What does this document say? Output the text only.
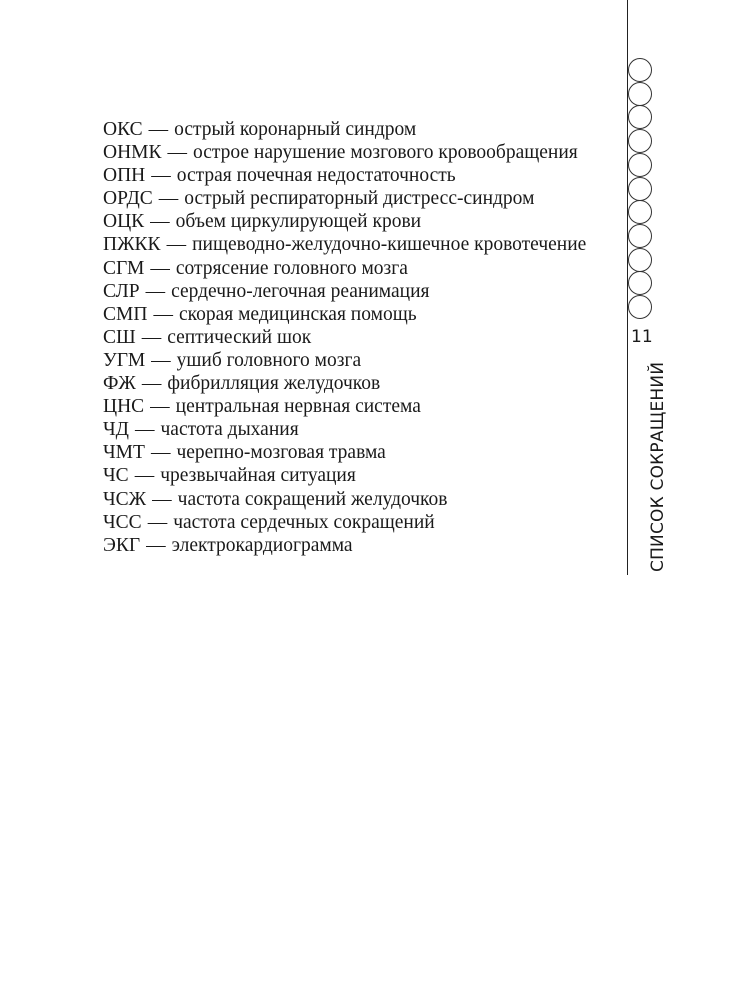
ОКС — острый коронарный синдром
ОНМК — острое нарушение мозгового кровообращения
ОПН — острая почечная недостаточность
ОРДС — острый респираторный дистресс-синдром
ОЦК — объем циркулирующей крови
ПЖКК — пищеводно-желудочно-кишечное кровотечение
СГМ — сотрясение головного мозга
СЛР — сердечно-легочная реанимация
СМП — скорая медицинская помощь
СШ — септический шок
УГМ — ушиб головного мозга
ФЖ — фибрилляция желудочков
ЦНС — центральная нервная система
ЧД — частота дыхания
ЧМТ — черепно-мозговая травма
ЧС — чрезвычайная ситуация
ЧСЖ — частота сокращений желудочков
ЧСС — частота сердечных сокращений
ЭКГ — электрокардиограмма
11
СПИСОК СОКРАЩЕНИЙ
